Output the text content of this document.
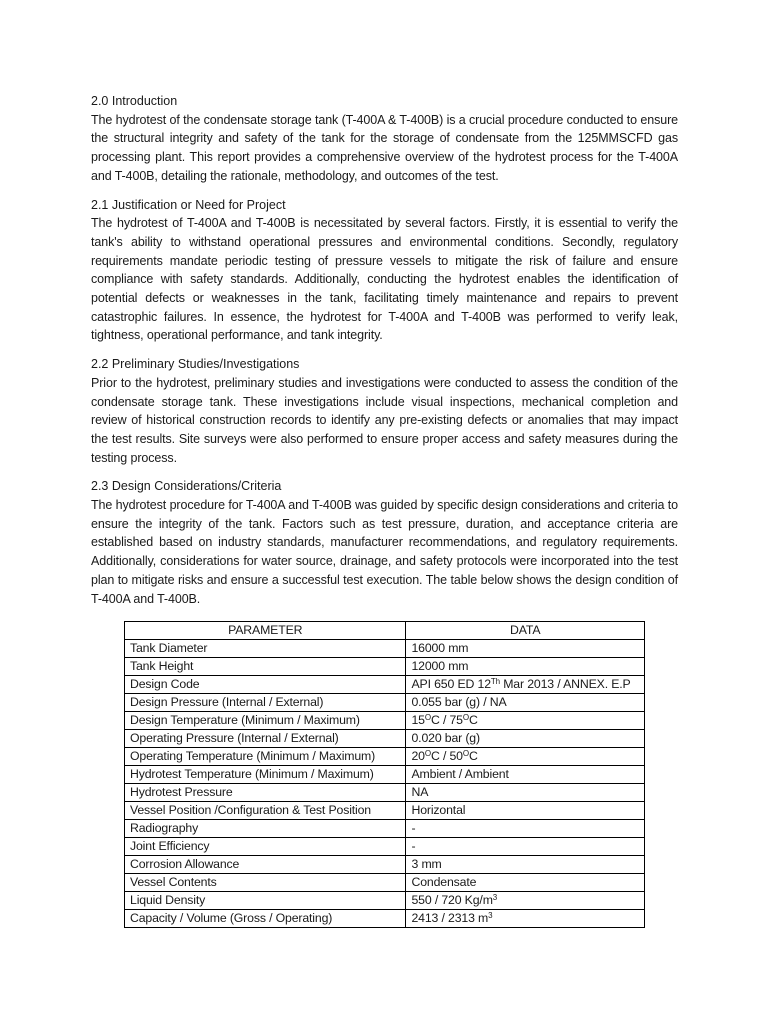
2.0 Introduction

The hydrotest of the condensate storage tank (T-400A & T-400B) is a crucial procedure conducted to ensure the structural integrity and safety of the tank for the storage of condensate from the 125MMSCFD gas processing plant. This report provides a comprehensive overview of the hydrotest process for the T-400A and T-400B, detailing the rationale, methodology, and outcomes of the test.

2.1 Justification or Need for Project

The hydrotest of T-400A and T-400B is necessitated by several factors. Firstly, it is essential to verify the tank's ability to withstand operational pressures and environmental conditions. Secondly, regulatory requirements mandate periodic testing of pressure vessels to mitigate the risk of failure and ensure compliance with safety standards. Additionally, conducting the hydrotest enables the identification of potential defects or weaknesses in the tank, facilitating timely maintenance and repairs to prevent catastrophic failures. In essence, the hydrotest for T-400A and T-400B was performed to verify leak, tightness, operational performance, and tank integrity.

2.2 Preliminary Studies/Investigations

Prior to the hydrotest, preliminary studies and investigations were conducted to assess the condition of the condensate storage tank. These investigations include visual inspections, mechanical completion and review of historical construction records to identify any pre-existing defects or anomalies that may impact the test results. Site surveys were also performed to ensure proper access and safety measures during the testing process.

2.3 Design Considerations/Criteria

The hydrotest procedure for T-400A and T-400B was guided by specific design considerations and criteria to ensure the integrity of the tank. Factors such as test pressure, duration, and acceptance criteria are established based on industry standards, manufacturer recommendations, and regulatory requirements. Additionally, considerations for water source, drainage, and safety protocols were incorporated into the test plan to mitigate risks and ensure a successful test execution. The table below shows the design condition of T-400A and T-400B.

PARAMETER	DATA
Tank Diameter	16000 mm
Tank Height	12000 mm
Design Code	API 650 ED 12Th Mar 2013 / ANNEX. E.P
Design Pressure (Internal / External)	0.055 bar (g) / NA
Design Temperature (Minimum / Maximum)	$15^OC / 75^OC$
Operating Pressure (Internal / External)	0.020 bar (g)
Operating Temperature (Minimum / Maximum)	$20^OC / 50^OC$
Hydrotest Temperature (Minimum / Maximum)	Ambient / Ambient
Hydrotest Pressure	NA
Vessel Position /Configuration & Test Position	Horizontal
Radiography	-
Joint Efficiency	-
Corrosion Allowance	3 mm
Vessel Contents	Condensate
Liquid Density	550 / 720 $Kg/m^3$
Capacity / Volume (Gross / Operating)	2413 / 2313 $m^3$
